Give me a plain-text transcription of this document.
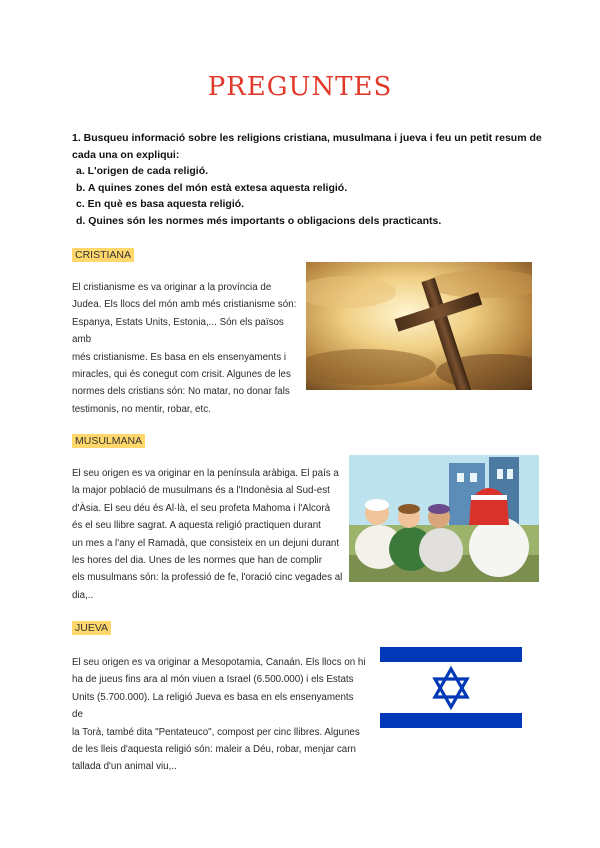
PREGUNTES

1. Busqueu informació sobre les religions cristiana, musulmana i jueva i feu un petit resum de cada una on expliqui:

a. L'origen de cada religió.
b. A quines zones del món està extesa aquesta religió.
c. En què es basa aquesta religió.
d. Quines són les normes més importants o obligacions dels practicants.
CRISTIANA
El cristianisme es va originar a la província de
Judea. Els llocs del món amb més cristianisme són:
Espanya, Estats Units, Estonia,... Són els països amb
més cristianisme. Es basa en els ensenyaments i
miracles, qui és conegut com crisit. Algunes de les
normes dels cristians són: No matar, no donar fals
testimonis, no mentir, robar, etc.
MUSULMANA
El seu origen es va originar en la península aràbiga. El país a
la major població de musulmans és a l'Indonèsia al Sud-est
d'Àsia. El seu déu és Al·là, el seu profeta Mahoma i l'Alcorà
és el seu llibre sagrat. A aquesta religió practiquen durant
un mes a l'any el Ramadà, que consisteix en un dejuni durant
les hores del dia. Unes de les normes que han de complir
els musulmans són: la professió de fe, l'oració cinc vegades al
dia,..
JUEVA
El seu origen es va originar a Mesopotamia, Canaán. Els llocs on hi
ha de jueus fins ara al món viuen a Israel (6.500.000) i els Estats
Units (5.700.000). La religió Jueva es basa en els ensenyaments de
la Torà, també dita "Pentateuco", compost per cinc llibres. Algunes
de les lleis d'aquesta religió són: maleir a Déu, robar, menjar carn
tallada d'un animal viu,..
